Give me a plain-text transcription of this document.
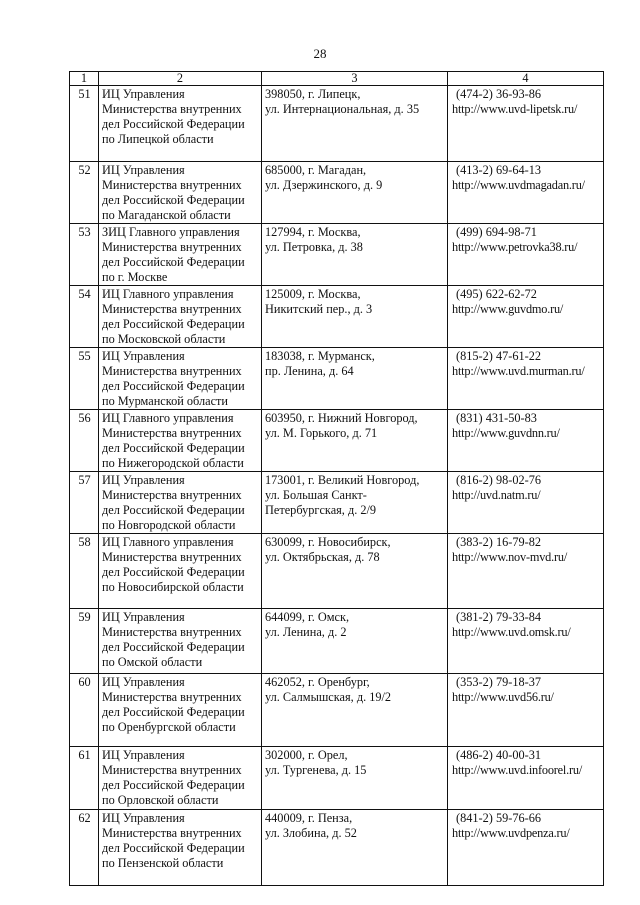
28
1	2	3	4
51	ИЦ Управления
Министерства внутренних
дел Российской Федерации
по Липецкой области	398050, г. Липецк,
ул. Интернациональная, д. 35	(474-2) 36-93-86
http://www.uvd-lipetsk.ru/

52	ИЦ Управления
Министерства внутренних
дел Российской Федерации
по Магаданской области	685000, г. Магадан,
ул. Дзержинского, д. 9	(413-2) 69-64-13
http://www.uvdmagadan.ru/

53	ЗИЦ Главного управления
Министерства внутренних
дел Российской Федерации
по г. Москве	127994, г. Москва,
ул. Петровка, д. 38	(499) 694-98-71
http://www.petrovka38.ru/

54	ИЦ Главного управления
Министерства внутренних
дел Российской Федерации
по Московской области	125009, г. Москва,
Никитский пер., д. 3	(495) 622-62-72
http://www.guvdmo.ru/

55	ИЦ Управления
Министерства внутренних
дел Российской Федерации
по Мурманской области	183038, г. Мурманск,
пр. Ленина, д. 64	(815-2) 47-61-22
http://www.uvd.murman.ru/

56	ИЦ Главного управления
Министерства внутренних
дел Российской Федерации
по Нижегородской области	603950, г. Нижний Новгород,
ул. М. Горького, д. 71	(831) 431-50-83
http://www.guvdnn.ru/

57	ИЦ Управления
Министерства внутренних
дел Российской Федерации
по Новгородской области	173001, г. Великий Новгород,
ул. Большая Санкт-
Петербургская, д. 2/9	(816-2) 98-02-76
http://uvd.natm.ru/

58	ИЦ Главного управления
Министерства внутренних
дел Российской Федерации
по Новосибирской области	630099, г. Новосибирск,
ул. Октябрьская, д. 78	(383-2) 16-79-82
http://www.nov-mvd.ru/

59	ИЦ Управления
Министерства внутренних
дел Российской Федерации
по Омской области	644099, г. Омск,
ул. Ленина, д. 2	(381-2) 79-33-84
http://www.uvd.omsk.ru/

60	ИЦ Управления
Министерства внутренних
дел Российской Федерации
по Оренбургской области	462052, г. Оренбург,
ул. Салмышская, д. 19/2	(353-2) 79-18-37
http://www.uvd56.ru/

61	ИЦ Управления
Министерства внутренних
дел Российской Федерации
по Орловской области	302000, г. Орел,
ул. Тургенева, д. 15	(486-2) 40-00-31
http://www.uvd.infoorel.ru/

62	ИЦ Управления
Министерства внутренних
дел Российской Федерации
по Пензенской области	440009, г. Пенза,
ул. Злобина, д. 52	(841-2) 59-76-66
http://www.uvdpenza.ru/
